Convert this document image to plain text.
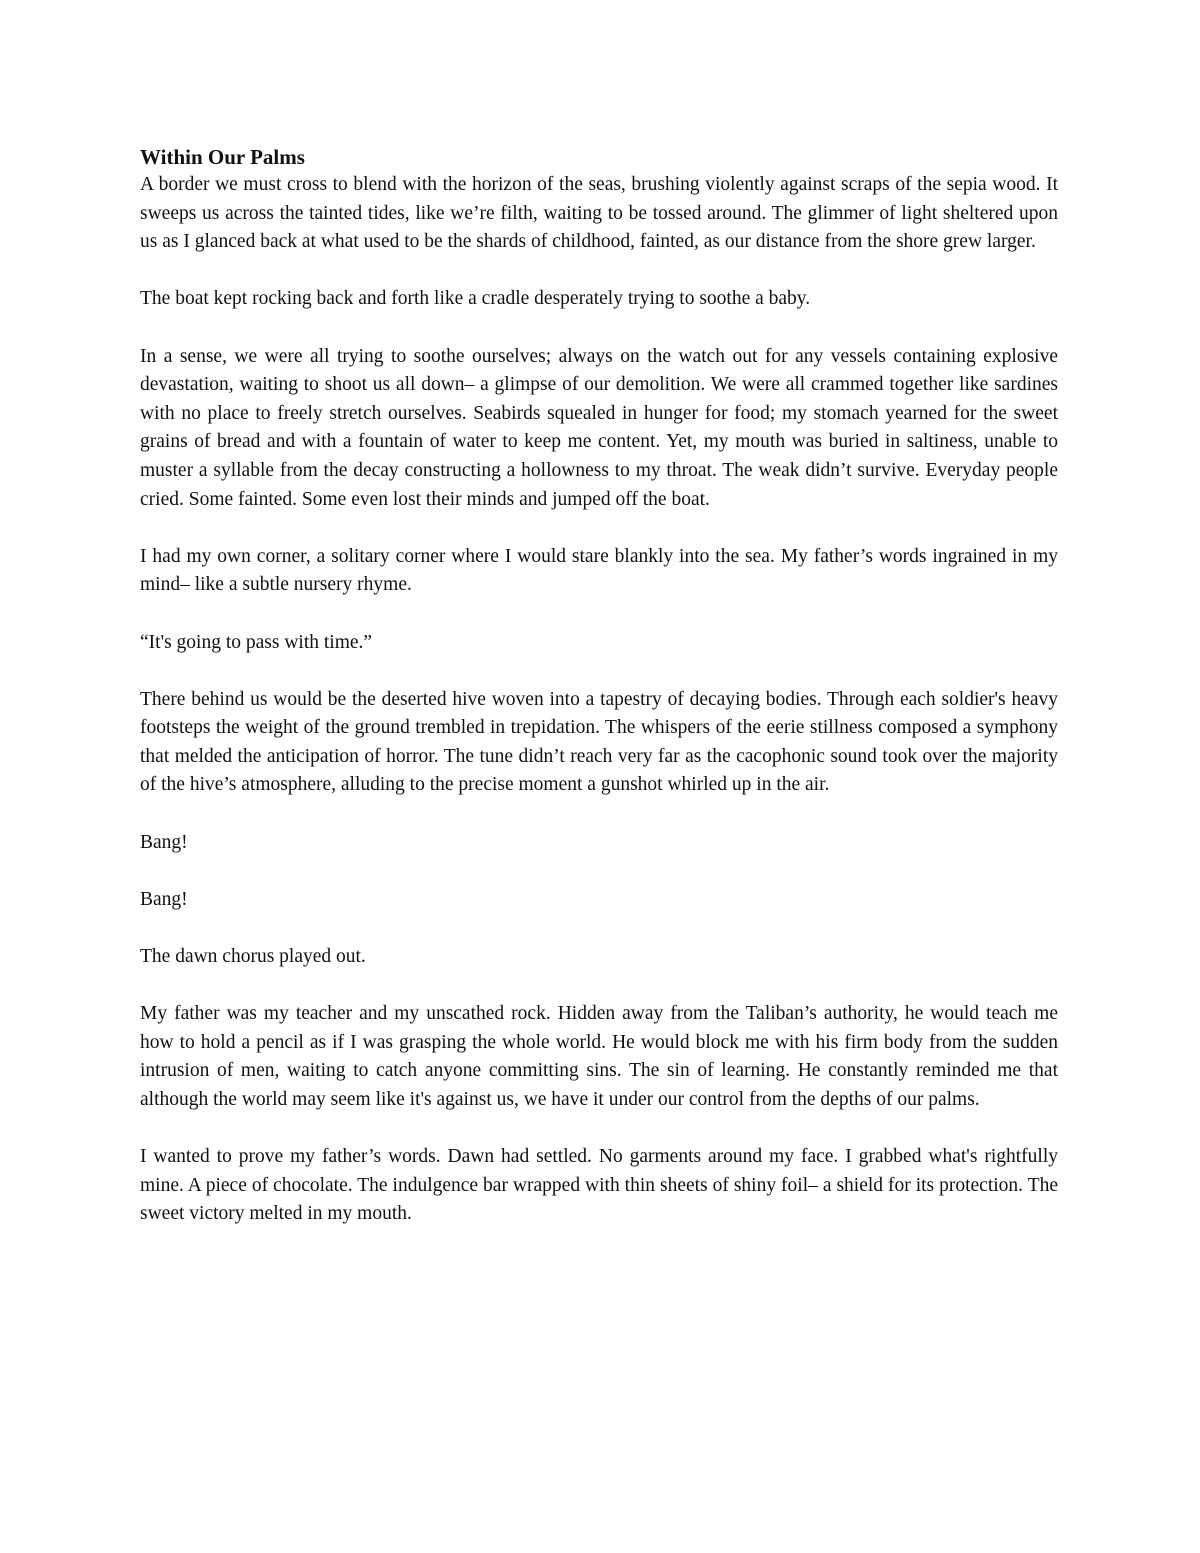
Within Our Palms

A border we must cross to blend with the horizon of the seas, brushing violently against scraps of the sepia wood. It sweeps us across the tainted tides, like we’re filth, waiting to be tossed around. The glimmer of light sheltered upon us as I glanced back at what used to be the shards of childhood, fainted, as our distance from the shore grew larger.

The boat kept rocking back and forth like a cradle desperately trying to soothe a baby.

In a sense, we were all trying to soothe ourselves; always on the watch out for any vessels containing explosive devastation, waiting to shoot us all down– a glimpse of our demolition. We were all crammed together like sardines with no place to freely stretch ourselves. Seabirds squealed in hunger for food; my stomach yearned for the sweet grains of bread and with a fountain of water to keep me content. Yet, my mouth was buried in saltiness, unable to muster a syllable from the decay constructing a hollowness to my throat. The weak didn’t survive. Everyday people cried. Some fainted. Some even lost their minds and jumped off the boat.

I had my own corner, a solitary corner where I would stare blankly into the sea. My father’s words ingrained in my mind– like a subtle nursery rhyme.

“It's going to pass with time.”

There behind us would be the deserted hive woven into a tapestry of decaying bodies. Through each soldier's heavy footsteps the weight of the ground trembled in trepidation. The whispers of the eerie stillness composed a symphony that melded the anticipation of horror. The tune didn’t reach very far as the cacophonic sound took over the majority of the hive’s atmosphere, alluding to the precise moment a gunshot whirled up in the air.

Bang!

Bang!

The dawn chorus played out.

My father was my teacher and my unscathed rock. Hidden away from the Taliban’s authority, he would teach me how to hold a pencil as if I was grasping the whole world. He would block me with his firm body from the sudden intrusion of men, waiting to catch anyone committing sins. The sin of learning. He constantly reminded me that although the world may seem like it's against us, we have it under our control from the depths of our palms.

I wanted to prove my father’s words. Dawn had settled. No garments around my face. I grabbed what's rightfully mine. A piece of chocolate. The indulgence bar wrapped with thin sheets of shiny foil– a shield for its protection. The sweet victory melted in my mouth.
